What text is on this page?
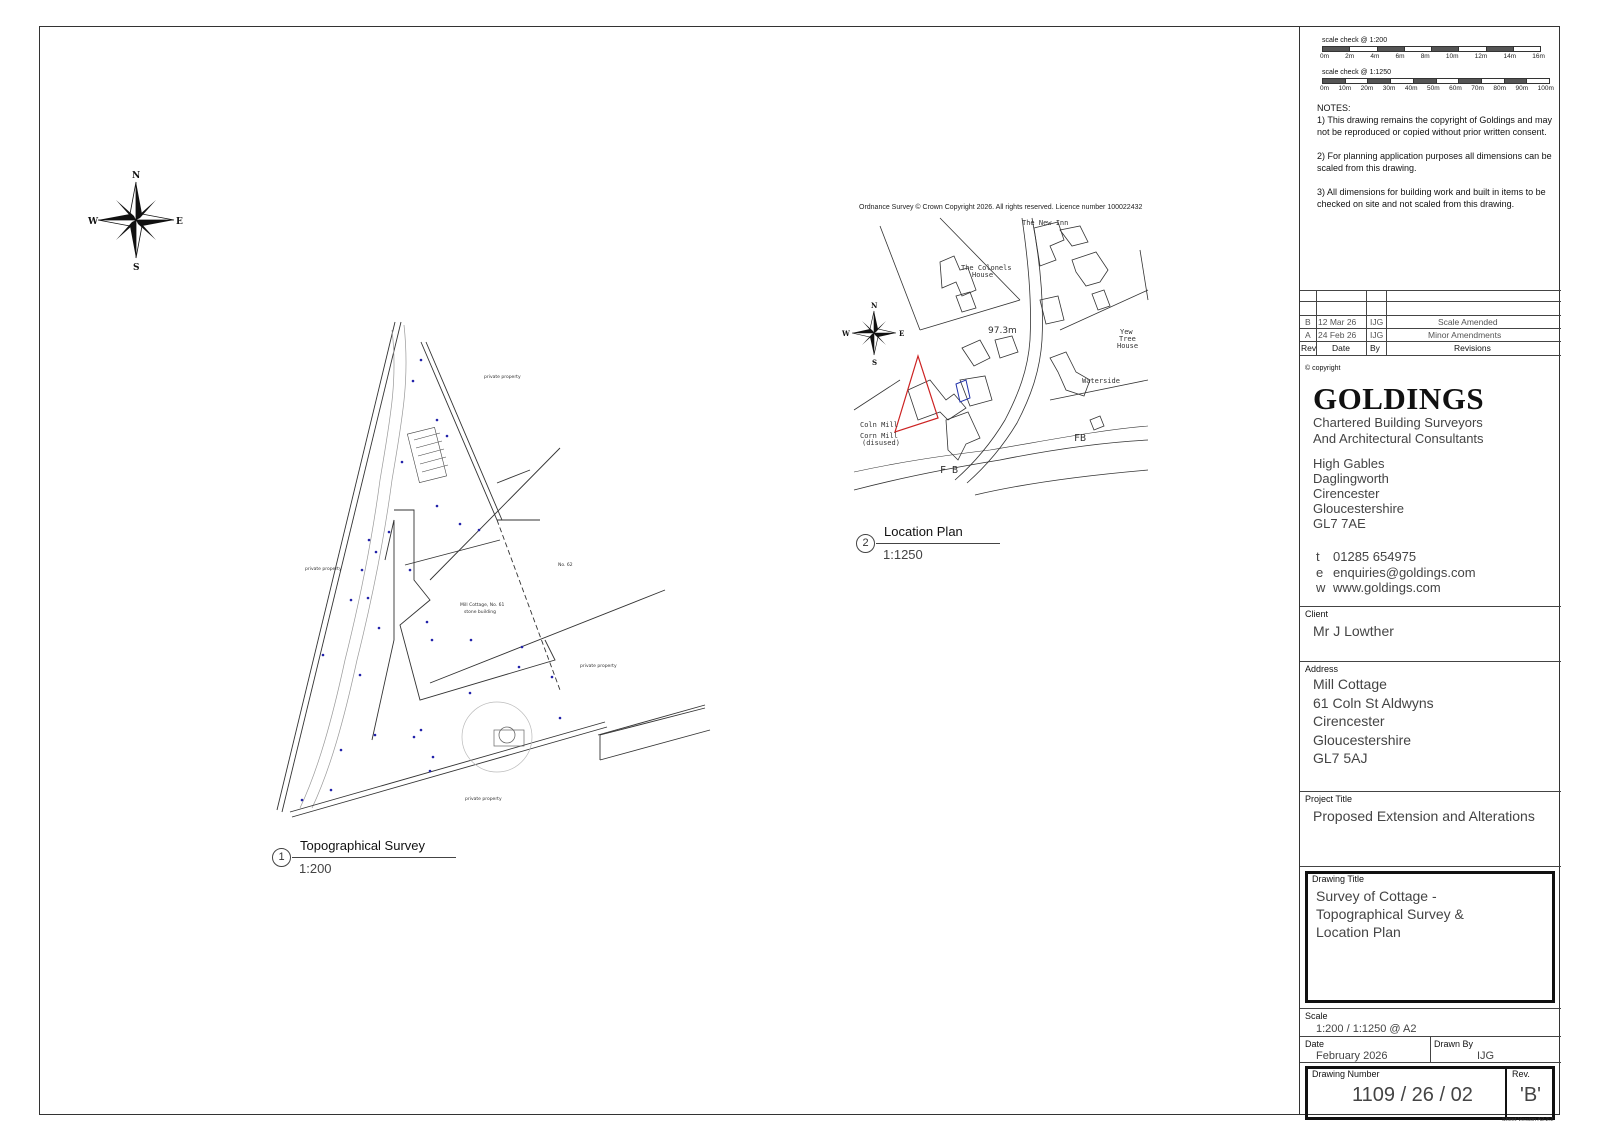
N
S
E
W
Mill Cottage, No. 61
stone building
No. 62
private property
private property
private property
private property
Ordnance Survey © Crown Copyright 2026. All rights reserved. Licence number 100022432
The Colonels
House
The New Inn
97.3m	Yew
Tree
House
Waterside
Coln Mill
Corn Mill
(disused)	FB
F B
N
S
E
W
1
Topographical Survey
1:200
2
Location Plan
1:1250
scale check @ 1:200
0m 2m 4m 6m 8m 10m 12m 14m 16m
scale check @ 1:1250
0m 10m 20m 30m 40m 50m 60m 70m 80m 90m 100m
NOTES:

1) This drawing remains the copyright of Goldings and may not be reproduced or copied without prior written consent.

2) For planning application purposes all dimensions can be scaled from this drawing.

3) All dimensions for building work and built in items to be checked on site and not scaled from this drawing.

B 12 Mar 26 IJG	Scale Amended
A 24 Feb 26 IJG	Minor Amendments
Rev Date By	Revisions
© copyright
GOLDINGS
Chartered Building Surveyors
And Architectural Consultants
High Gables
Daglingworth
Cirencester
Gloucestershire
GL7 7AE
t 01285 654975
e enquiries@goldings.com
w www.goldings.com
Client
Mr J Lowther
Address
Mill Cottage
61 Coln St Aldwyns
Cirencester
Gloucestershire
GL7 5AJ
Project Title
Proposed Extension and Alterations
Drawing Title
Survey of Cottage -
Topographical Survey &
Location Plan
Scale
1:200 / 1:1250 @ A2
Date
February 2026
Drawn By
IJG
Drawing Number
1109 / 26 / 02
Rev.
'B'
Sheet Version A2.2.2
